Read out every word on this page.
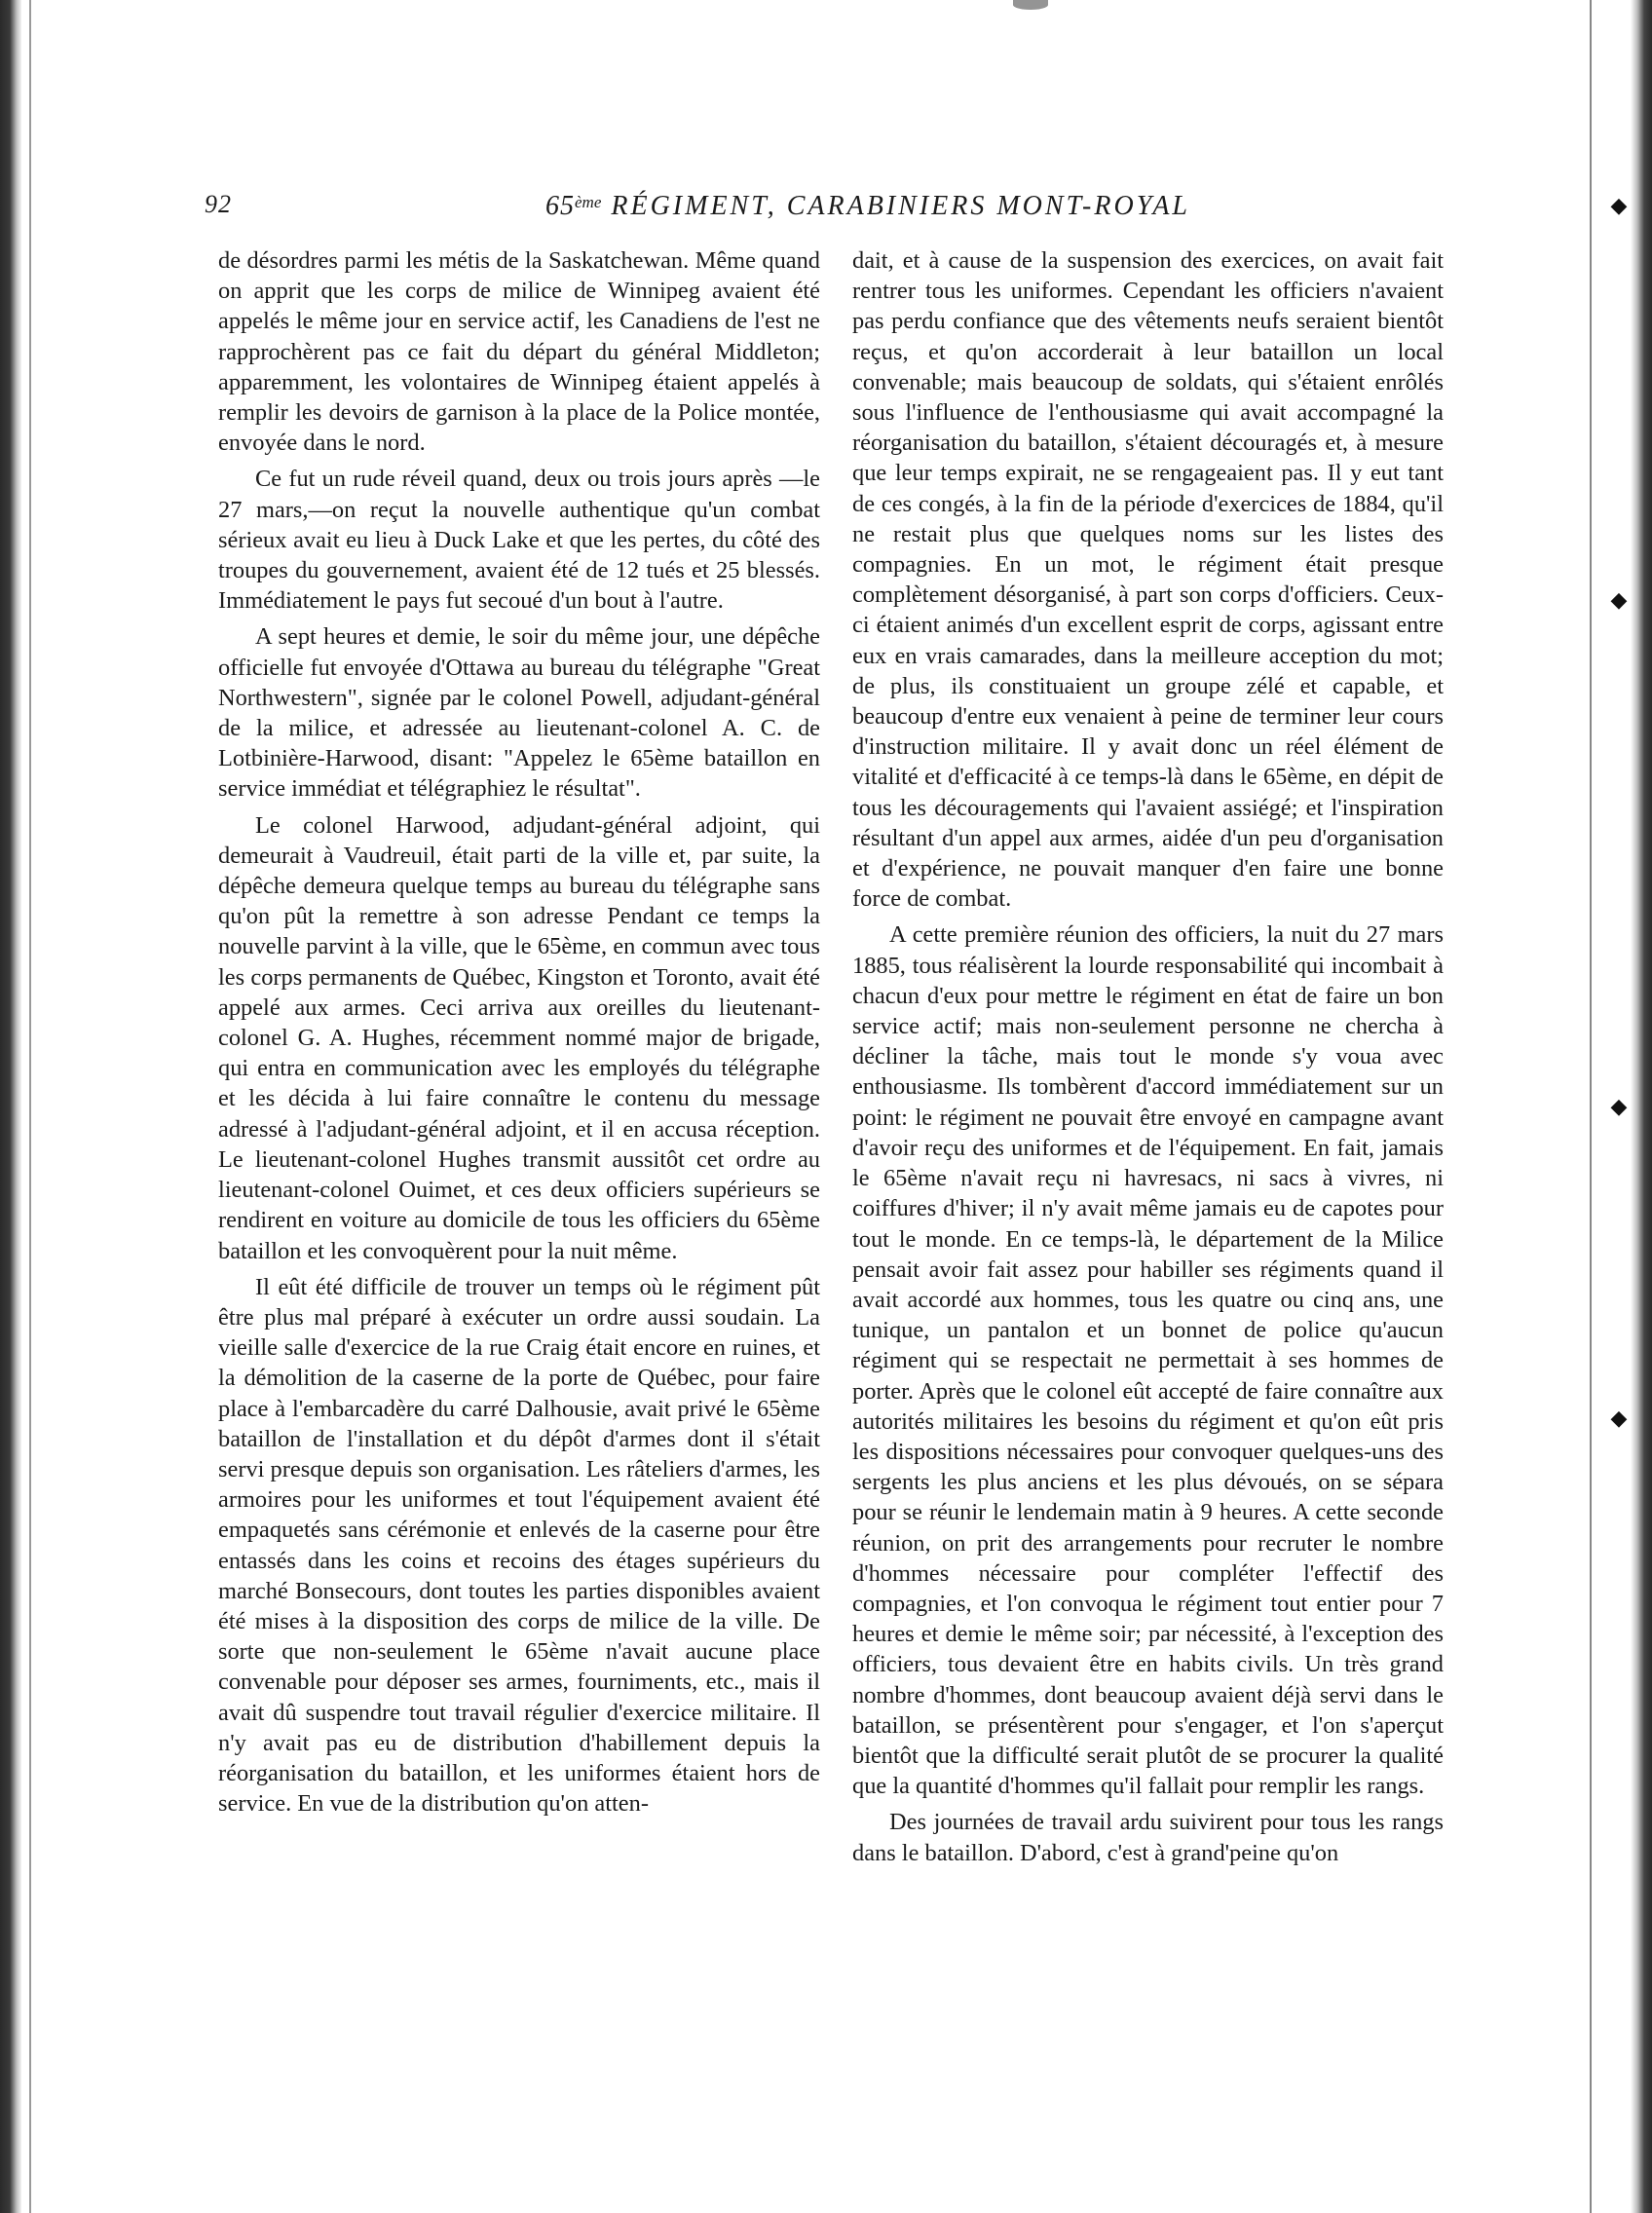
◆
◆
◆
◆
92	65ème RÉGIMENT, CARABINIERS MONT-ROYAL

de désordres parmi les métis de la Saskatchewan. Même quand on apprit que les corps de milice de Winnipeg avaient été appelés le même jour en service actif, les Canadiens de l'est ne rapprochèrent pas ce fait du départ du général Middleton; apparemment, les volontaires de Winnipeg étaient appelés à remplir les devoirs de garnison à la place de la Police montée, envoyée dans le nord.

Ce fut un rude réveil quand, deux ou trois jours après —le 27 mars,—on reçut la nouvelle authentique qu'un combat sérieux avait eu lieu à Duck Lake et que les pertes, du côté des troupes du gouvernement, avaient été de 12 tués et 25 blessés. Immédiatement le pays fut secoué d'un bout à l'autre.

A sept heures et demie, le soir du même jour, une dépêche officielle fut envoyée d'Ottawa au bureau du télégraphe "Great Northwestern", signée par le colonel Powell, adjudant-général de la milice, et adressée au lieutenant-colonel A. C. de Lotbinière-Harwood, disant: "Appelez le 65ème bataillon en service immédiat et télégraphiez le résultat".

Le colonel Harwood, adjudant-général adjoint, qui demeurait à Vaudreuil, était parti de la ville et, par suite, la dépêche demeura quelque temps au bureau du télégraphe sans qu'on pût la remettre à son adresse Pendant ce temps la nouvelle parvint à la ville, que le 65ème, en commun avec tous les corps permanents de Québec, Kingston et Toronto, avait été appelé aux armes. Ceci arriva aux oreilles du lieutenant-colonel G. A. Hughes, récemment nommé major de brigade, qui entra en communication avec les employés du télégraphe et les décida à lui faire connaître le contenu du message adressé à l'adjudant-général adjoint, et il en accusa réception. Le lieutenant-colonel Hughes transmit aussitôt cet ordre au lieutenant-colonel Ouimet, et ces deux officiers supérieurs se rendirent en voiture au domicile de tous les officiers du 65ème bataillon et les convoquèrent pour la nuit même.

Il eût été difficile de trouver un temps où le régiment pût être plus mal préparé à exécuter un ordre aussi soudain. La vieille salle d'exercice de la rue Craig était encore en ruines, et la démolition de la caserne de la porte de Québec, pour faire place à l'embarcadère du carré Dalhousie, avait privé le 65ème bataillon de l'installation et du dépôt d'armes dont il s'était servi presque depuis son organisation. Les râteliers d'armes, les armoires pour les uniformes et tout l'équipement avaient été empaquetés sans cérémonie et enlevés de la caserne pour être entassés dans les coins et recoins des étages supérieurs du marché Bonsecours, dont toutes les parties disponibles avaient été mises à la disposition des corps de milice de la ville. De sorte que non-seulement le 65ème n'avait aucune place convenable pour déposer ses armes, fourniments, etc., mais il avait dû suspendre tout travail régulier d'exercice militaire. Il n'y avait pas eu de distribution d'habillement depuis la réorganisation du bataillon, et les uniformes étaient hors de service. En vue de la distribution qu'on atten-

dait, et à cause de la suspension des exercices, on avait fait rentrer tous les uniformes. Cependant les officiers n'avaient pas perdu confiance que des vêtements neufs seraient bientôt reçus, et qu'on accorderait à leur bataillon un local convenable; mais beaucoup de soldats, qui s'étaient enrôlés sous l'influence de l'enthousiasme qui avait accompagné la réorganisation du bataillon, s'étaient découragés et, à mesure que leur temps expirait, ne se rengageaient pas. Il y eut tant de ces congés, à la fin de la période d'exercices de 1884, qu'il ne restait plus que quelques noms sur les listes des compagnies. En un mot, le régiment était presque complètement désorganisé, à part son corps d'officiers. Ceux-ci étaient animés d'un excellent esprit de corps, agissant entre eux en vrais camarades, dans la meilleure acception du mot; de plus, ils constituaient un groupe zélé et capable, et beaucoup d'entre eux venaient à peine de terminer leur cours d'instruction militaire. Il y avait donc un réel élément de vitalité et d'efficacité à ce temps-là dans le 65ème, en dépit de tous les découragements qui l'avaient assiégé; et l'inspiration résultant d'un appel aux armes, aidée d'un peu d'organisation et d'expérience, ne pouvait manquer d'en faire une bonne force de combat.

A cette première réunion des officiers, la nuit du 27 mars 1885, tous réalisèrent la lourde responsabilité qui incombait à chacun d'eux pour mettre le régiment en état de faire un bon service actif; mais non-seulement personne ne chercha à décliner la tâche, mais tout le monde s'y voua avec enthousiasme. Ils tombèrent d'accord immédiatement sur un point: le régiment ne pouvait être envoyé en campagne avant d'avoir reçu des uniformes et de l'équipement. En fait, jamais le 65ème n'avait reçu ni havresacs, ni sacs à vivres, ni coiffures d'hiver; il n'y avait même jamais eu de capotes pour tout le monde. En ce temps-là, le département de la Milice pensait avoir fait assez pour habiller ses régiments quand il avait accordé aux hommes, tous les quatre ou cinq ans, une tunique, un pantalon et un bonnet de police qu'aucun régiment qui se respectait ne permettait à ses hommes de porter. Après que le colonel eût accepté de faire connaître aux autorités militaires les besoins du régiment et qu'on eût pris les dispositions nécessaires pour convoquer quelques-uns des sergents les plus anciens et les plus dévoués, on se sépara pour se réunir le lendemain matin à 9 heures. A cette seconde réunion, on prit des arrangements pour recruter le nombre d'hommes nécessaire pour compléter l'effectif des compagnies, et l'on convoqua le régiment tout entier pour 7 heures et demie le même soir; par nécessité, à l'exception des officiers, tous devaient être en habits civils. Un très grand nombre d'hommes, dont beaucoup avaient déjà servi dans le bataillon, se présentèrent pour s'engager, et l'on s'aperçut bientôt que la difficulté serait plutôt de se procurer la qualité que la quantité d'hommes qu'il fallait pour remplir les rangs.

Des journées de travail ardu suivirent pour tous les rangs dans le bataillon. D'abord, c'est à grand'peine qu'on
